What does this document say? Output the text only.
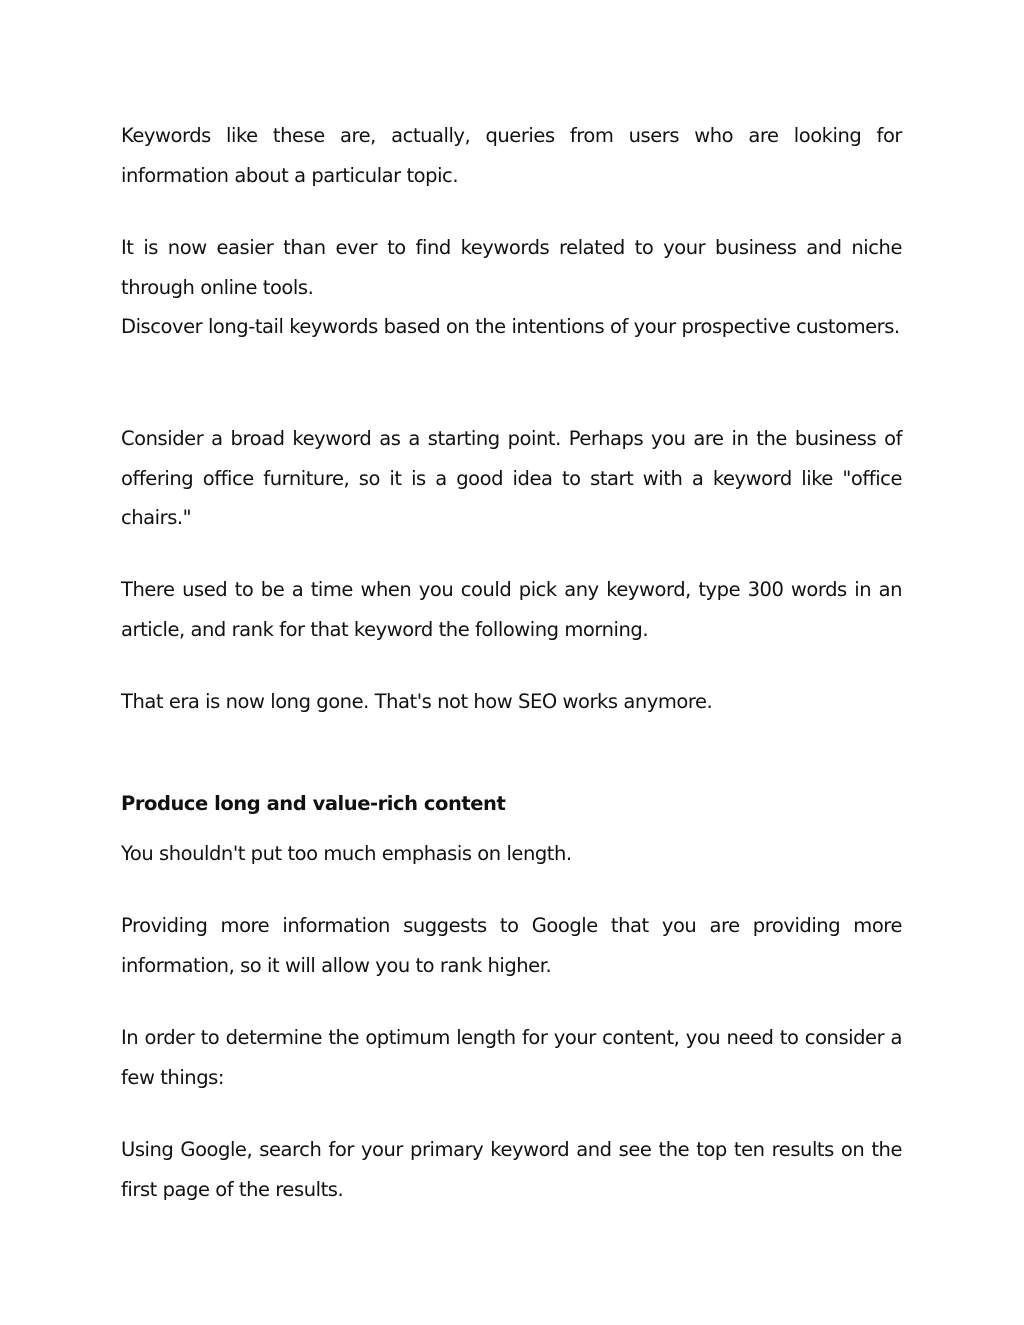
Keywords like these are, actually, queries from users who are looking for information about a particular topic.

It is now easier than ever to find keywords related to your business and niche through online tools.

Discover long-tail keywords based on the intentions of your prospective customers.

Consider a broad keyword as a starting point. Perhaps you are in the business of offering office furniture, so it is a good idea to start with a keyword like "office chairs."

There used to be a time when you could pick any keyword, type 300 words in an article, and rank for that keyword the following morning.

That era is now long gone. That's not how SEO works anymore.

Produce long and value-rich content

You shouldn't put too much emphasis on length.

Providing more information suggests to Google that you are providing more information, so it will allow you to rank higher.

In order to determine the optimum length for your content, you need to consider a few things:

Using Google, search for your primary keyword and see the top ten results on the first page of the results.
